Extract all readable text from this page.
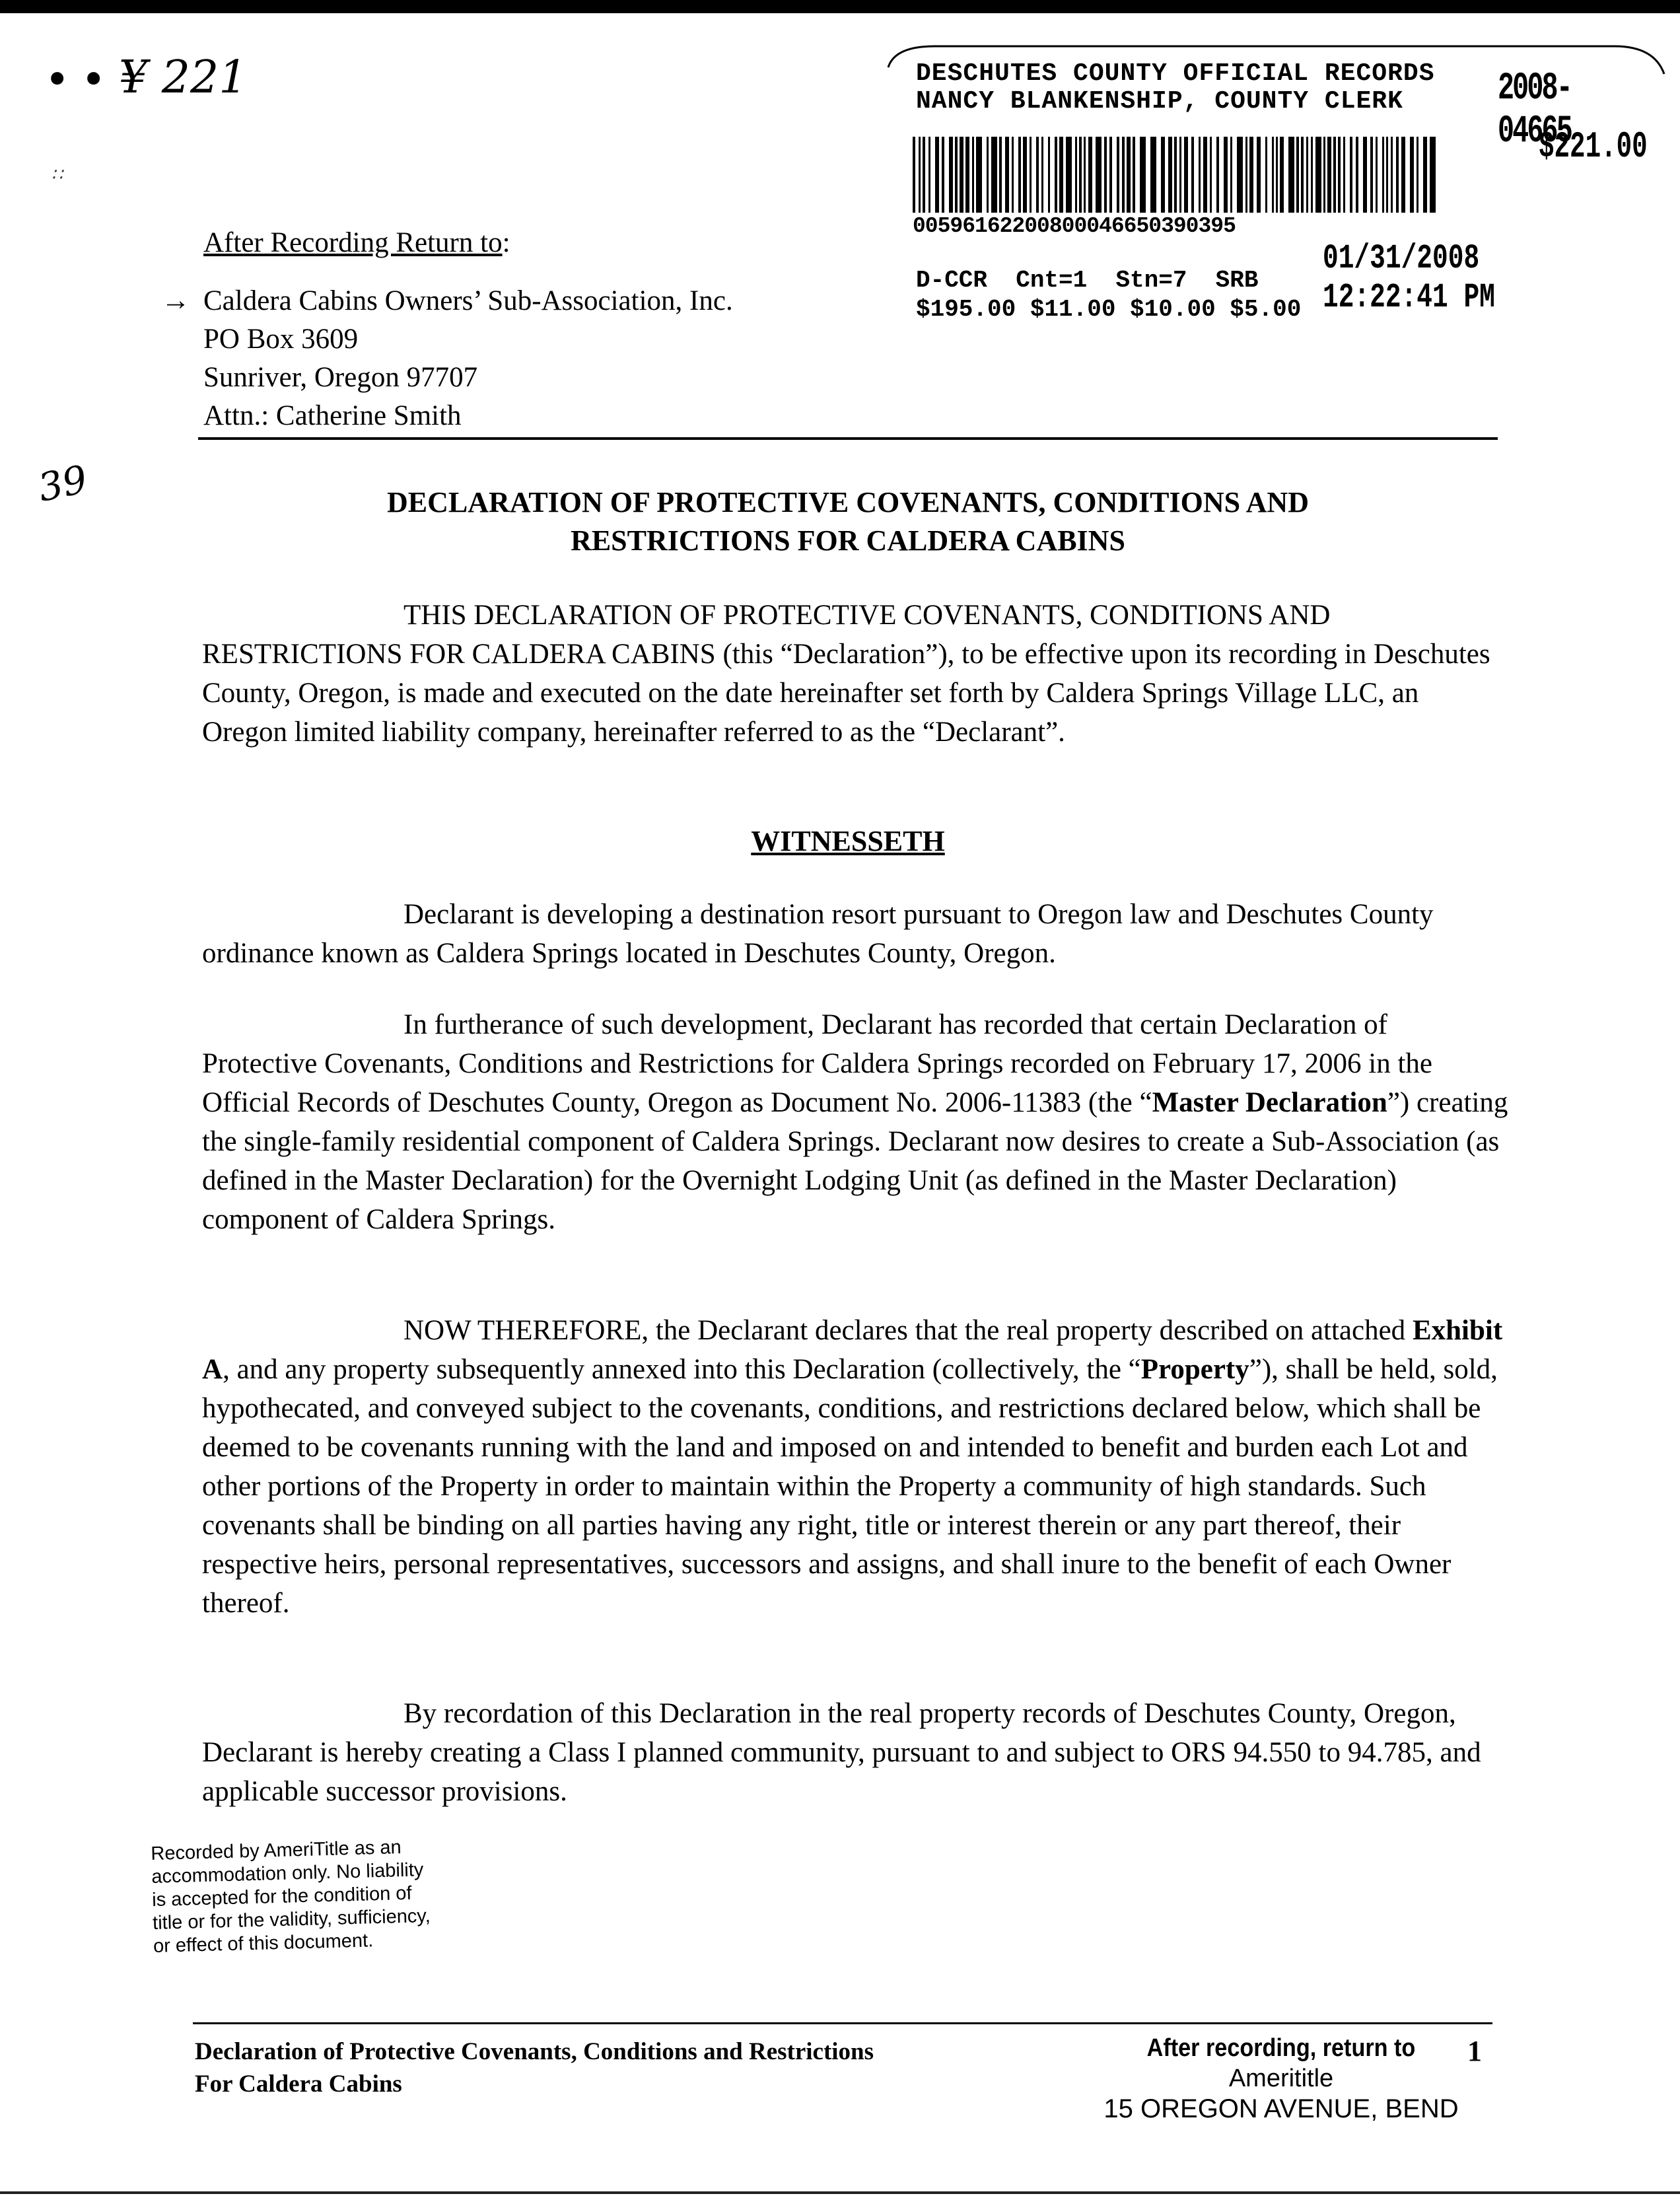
∙ ∙ ¥ 221
∷
39
DESCHUTES COUNTY OFFICIAL RECORDS
NANCY BLANKENSHIP, COUNTY CLERK 2008-04665
$221.00
00596162200800046650390395
01/31/2008 12:22:41 PM
D-CCR  Cnt=1  Stn=7  SRB
$195.00 $11.00 $10.00 $5.00
After Recording Return to:
→ Caldera Cabins Owners’ Sub-Association, Inc.
PO Box 3609
Sunriver, Oregon 97707
Attn.: Catherine Smith
DECLARATION OF PROTECTIVE COVENANTS, CONDITIONS AND
RESTRICTIONS FOR CALDERA CABINS

THIS DECLARATION OF PROTECTIVE COVENANTS, CONDITIONS AND RESTRICTIONS FOR CALDERA CABINS (this “Declaration”), to be effective upon its recording in Deschutes County, Oregon, is made and executed on the date hereinafter set forth by Caldera Springs Village LLC, an Oregon limited liability company, hereinafter referred to as the “Declarant”.

WITNESSETH

Declarant is developing a destination resort pursuant to Oregon law and Deschutes County ordinance known as Caldera Springs located in Deschutes County, Oregon.

In furtherance of such development, Declarant has recorded that certain Declaration of Protective Covenants, Conditions and Restrictions for Caldera Springs recorded on February 17, 2006 in the Official Records of Deschutes County, Oregon as Document No. 2006-11383 (the “Master Declaration”) creating the single-family residential component of Caldera Springs. Declarant now desires to create a Sub-Association (as defined in the Master Declaration) for the Overnight Lodging Unit (as defined in the Master Declaration) component of Caldera Springs.

NOW THEREFORE, the Declarant declares that the real property described on attached Exhibit A, and any property subsequently annexed into this Declaration (collectively, the “Property”), shall be held, sold, hypothecated, and conveyed subject to the covenants, conditions, and restrictions declared below, which shall be deemed to be covenants running with the land and imposed on and intended to benefit and burden each Lot and other portions of the Property in order to maintain within the Property a community of high standards. Such covenants shall be binding on all parties having any right, title or interest therein or any part thereof, their respective heirs, personal representatives, successors and assigns, and shall inure to the benefit of each Owner thereof.

By recordation of this Declaration in the real property records of Deschutes County, Oregon, Declarant is hereby creating a Class I planned community, pursuant to and subject to ORS 94.550 to 94.785, and applicable successor provisions.

Recorded by AmeriTitle as an
accommodation only. No liability
is accepted for the condition of
title or for the validity, sufficiency,
or effect of this document.
Declaration of Protective Covenants, Conditions and Restrictions
For Caldera Cabins
After recording, return to
Amerititle
15 OREGON AVENUE, BEND
1
